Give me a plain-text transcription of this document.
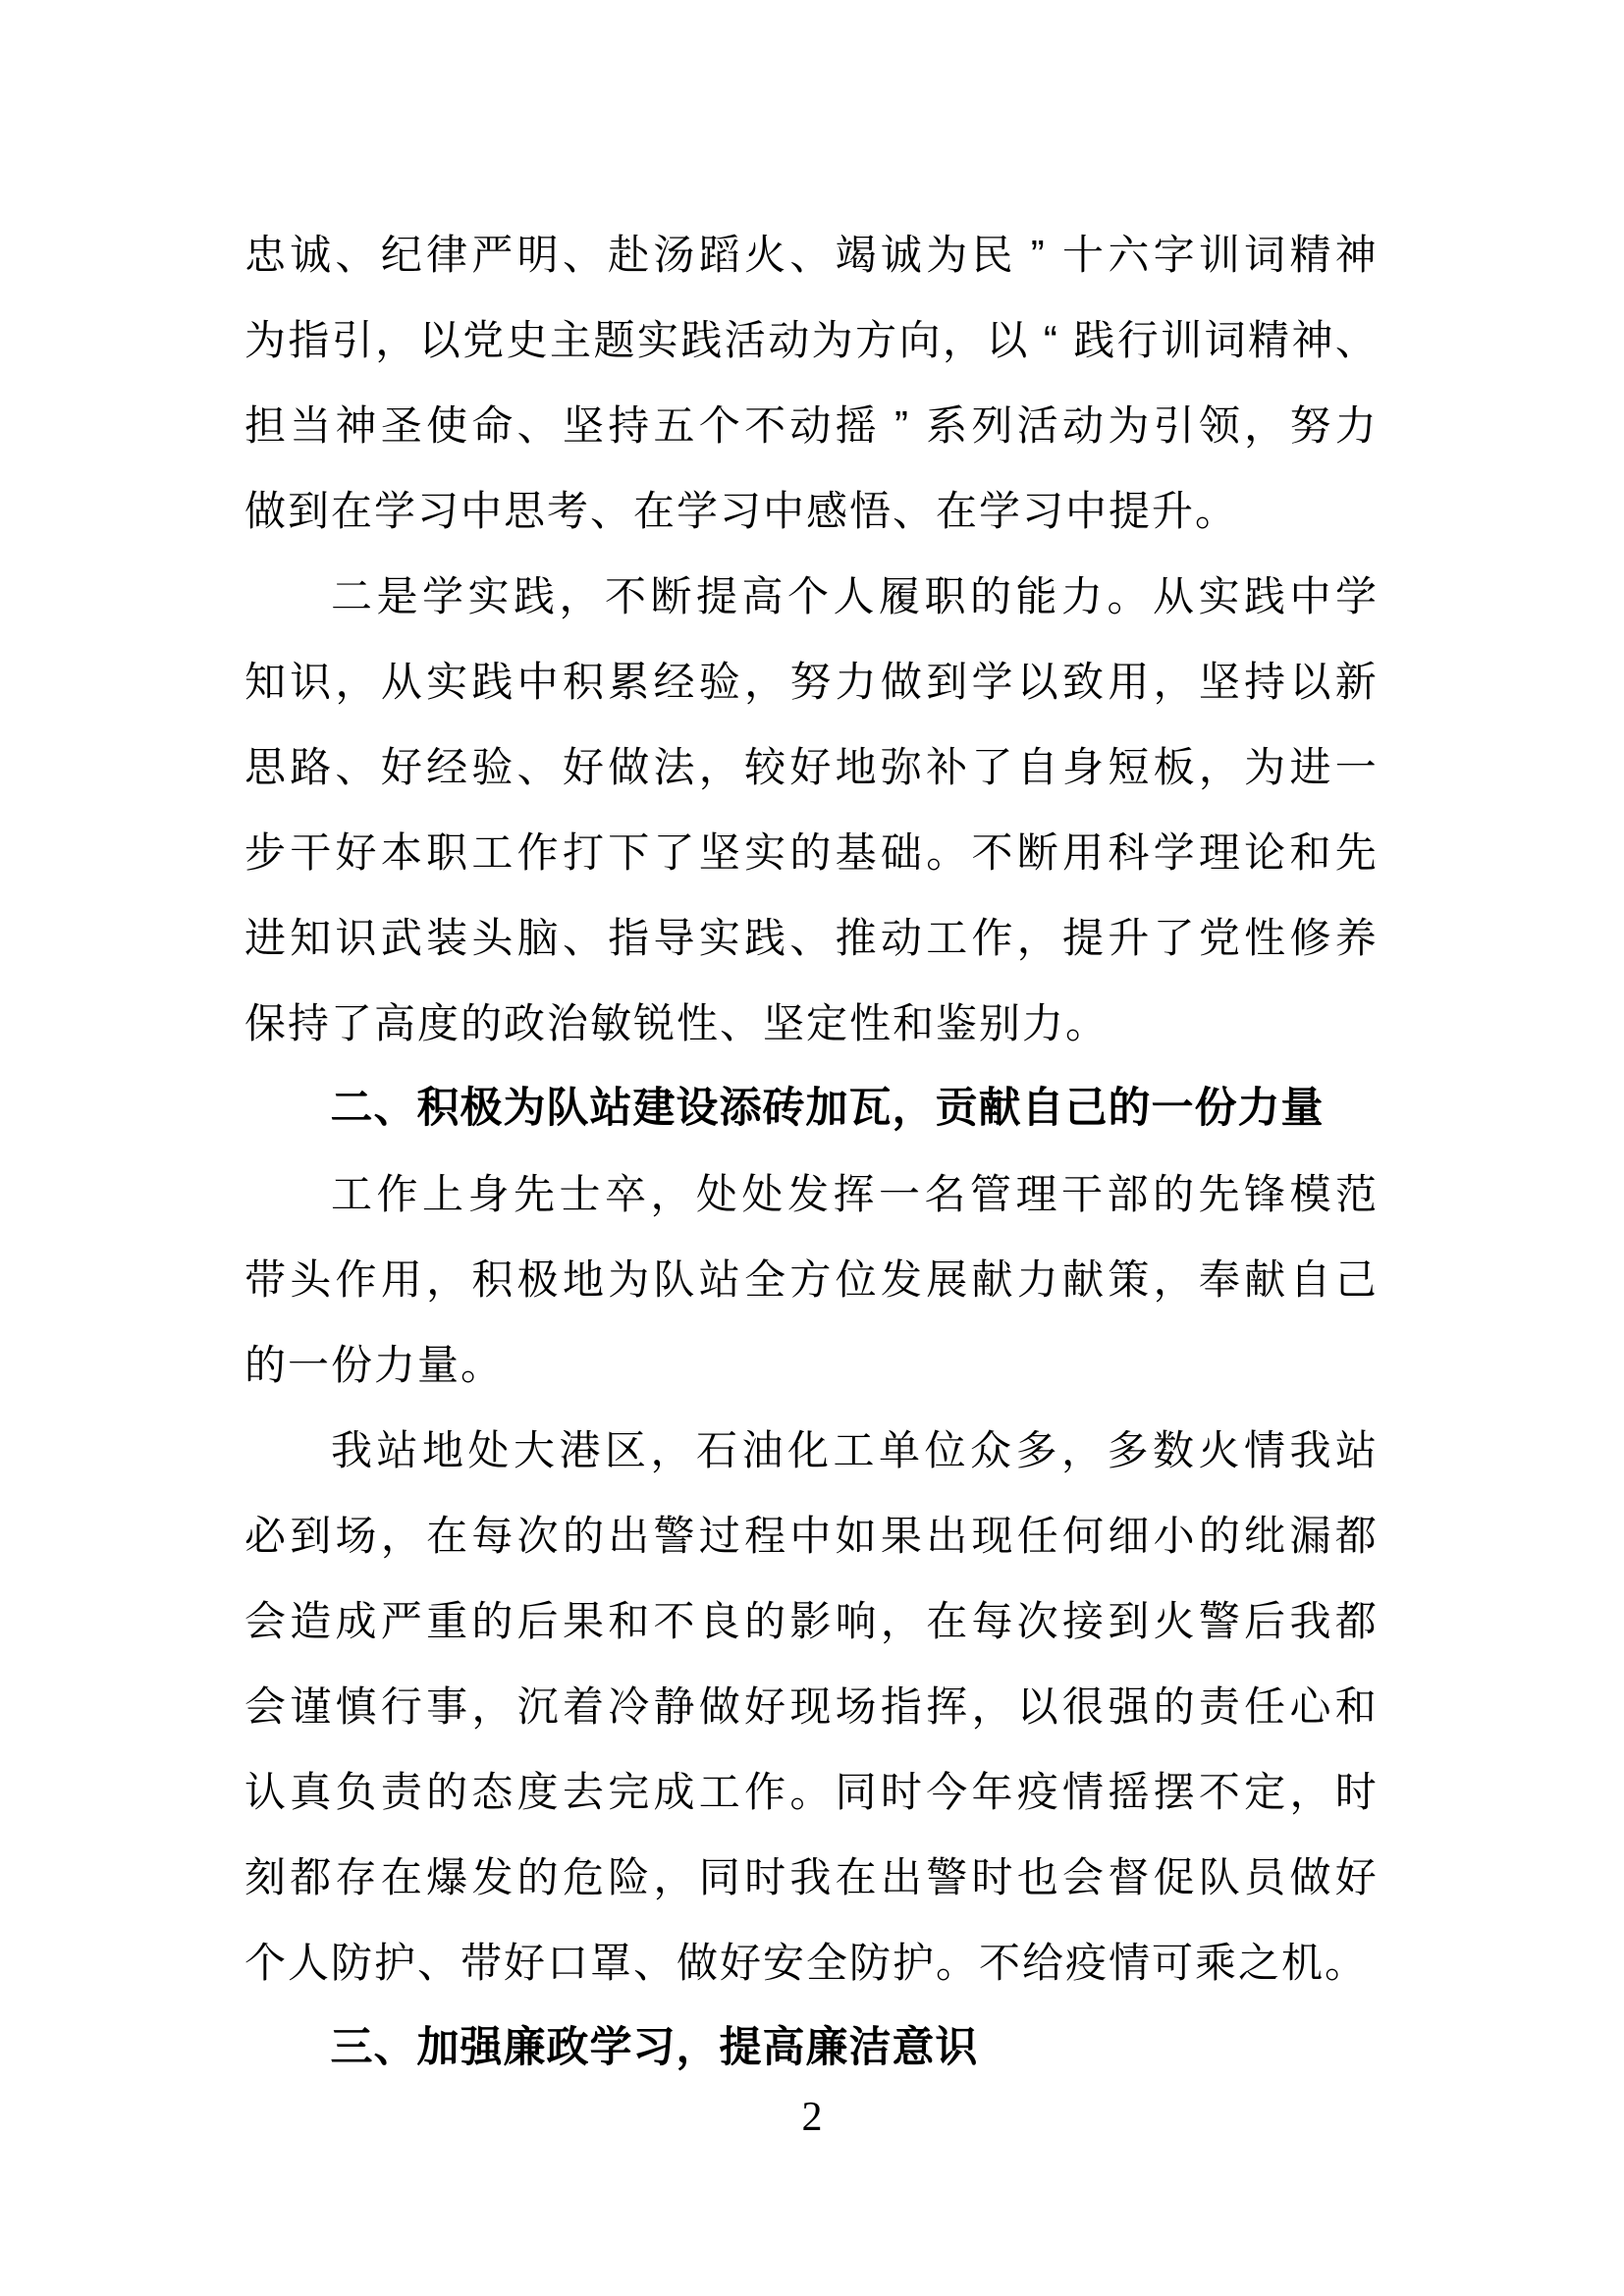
忠 诚 、 纪 律 严 明 、 赴 汤 蹈 火 、 竭 诚 为 民 ” 十 六 字 训 词 精 神
为 指 引 ， 以 党 史 主 题 实 践 活 动 为 方 向 ， 以 “ 践 行 训 词 精 神 、
担 当 神 圣 使 命 、 坚 持 五 个 不 动 摇 ” 系 列 活 动 为 引 领 ， 努 力
做 到 在 学 习 中 思 考 、 在 学 习 中 感 悟 、 在 学 习 中 提 升 。
二 是 学 实 践 ， 不 断 提 高 个 人 履 职 的 能 力 。 从 实 践 中 学
知 识 ， 从 实 践 中 积 累 经 验 ， 努 力 做 到 学 以 致 用 ， 坚 持 以 新
思 路 、 好 经 验 、 好 做 法 ， 较 好 地 弥 补 了 自 身 短 板 ， 为 进 一
步 干 好 本 职 工 作 打 下 了 坚 实 的 基 础 。 不 断 用 科 学 理 论 和 先
进 知 识 武 装 头 脑 、 指 导 实 践 、 推 动 工 作 ， 提 升 了 党 性 修 养
保 持 了 高 度 的 政 治 敏 锐 性 、 坚 定 性 和 鉴 别 力 。
二 、 积 极 为 队 站 建 设 添 砖 加 瓦 ， 贡 献 自 己 的 一 份 力 量
工 作 上 身 先 士 卒 ， 处 处 发 挥 一 名 管 理 干 部 的 先 锋 模 范
带 头 作 用 ， 积 极 地 为 队 站 全 方 位 发 展 献 力 献 策 ， 奉 献 自 己
的 一 份 力 量 。
我 站 地 处 大 港 区 ， 石 油 化 工 单 位 众 多 ， 多 数 火 情 我 站
必 到 场 ， 在 每 次 的 出 警 过 程 中 如 果 出 现 任 何 细 小 的 纰 漏 都
会 造 成 严 重 的 后 果 和 不 良 的 影 响 ， 在 每 次 接 到 火 警 后 我 都
会 谨 慎 行 事 ， 沉 着 冷 静 做 好 现 场 指 挥 ， 以 很 强 的 责 任 心 和
认 真 负 责 的 态 度 去 完 成 工 作 。 同 时 今 年 疫 情 摇 摆 不 定 ， 时
刻 都 存 在 爆 发 的 危 险 ， 同 时 我 在 出 警 时 也 会 督 促 队 员 做 好
个 人 防 护 、 带 好 口 罩 、 做 好 安 全 防 护 。 不 给 疫 情 可 乘 之 机 。
三 、 加 强 廉 政 学 习 ， 提 高 廉 洁 意 识
2
